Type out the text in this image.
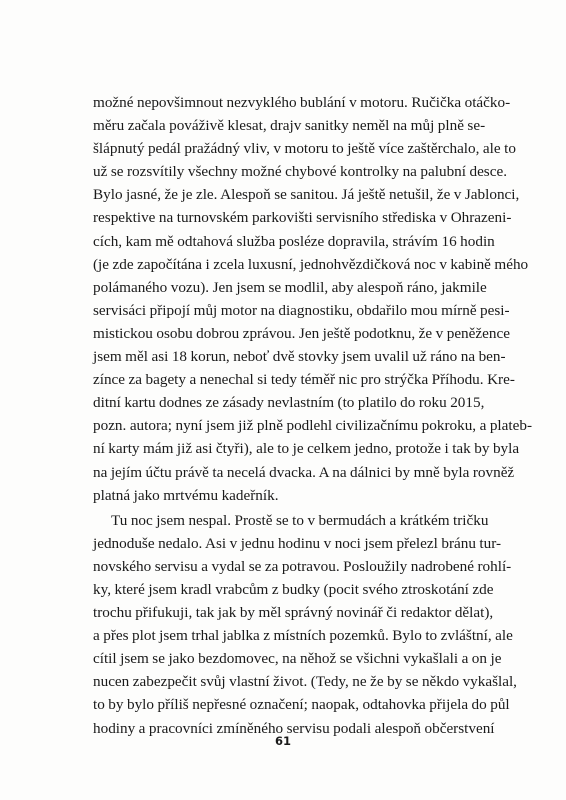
možné nepovšimnout nezvyklého bublání v motoru. Ručička otáčko-
měru začala pováživě klesat, drajv sanitky neměl na můj plně se-
šlápnutý pedál pražádný vliv, v motoru to ještě více zaštěrchalo, ale to
už se rozsvítily všechny možné chybové kontrolky na palubní desce.
Bylo jasné, že je zle. Alespoň se sanitou. Já ještě netušil, že v Jablonci,
respektive na turnovském parkovišti servisního střediska v Ohrazeni-
cích, kam mě odtahová služba posléze dopravila, strávím 16 hodin
(je zde započítána i zcela luxusní, jednohvězdičková noc v kabině mého
polámaného vozu). Jen jsem se modlil, aby alespoň ráno, jakmile
servisáci připojí můj motor na diagnostiku, obdařilo mou mírně pesi-
mistickou osobu dobrou zprávou. Jen ještě podotknu, že v peněžence
jsem měl asi 18 korun, neboť dvě stovky jsem uvalil už ráno na ben-
zínce za bagety a nenechal si tedy téměř nic pro strýčka Příhodu. Kre-
ditní kartu dodnes ze zásady nevlastním (to platilo do roku 2015,
pozn. autora; nyní jsem již plně podlehl civilizačnímu pokroku, a plateb-
ní karty mám již asi čtyři), ale to je celkem jedno, protože i tak by byla
na jejím účtu právě ta necelá dvacka. A na dálnici by mně byla rovněž
platná jako mrtvému kadeřník.
Tu noc jsem nespal. Prostě se to v bermudách a krátkém tričku
jednoduše nedalo. Asi v jednu hodinu v noci jsem přelezl bránu tur-
novského servisu a vydal se za potravou. Posloužily nadrobené rohlí-
ky, které jsem kradl vrabcům z budky (pocit svého ztroskotání zde
trochu přifukuji, tak jak by měl správný novinář či redaktor dělat),
a přes plot jsem trhal jablka z místních pozemků. Bylo to zvláštní, ale
cítil jsem se jako bezdomovec, na něhož se všichni vykašlali a on je
nucen zabezpečit svůj vlastní život. (Tedy, ne že by se někdo vykašlal,
to by bylo příliš nepřesné označení; naopak, odtahovka přijela do půl
hodiny a pracovníci zmíněného servisu podali alespoň občerstvení
61
